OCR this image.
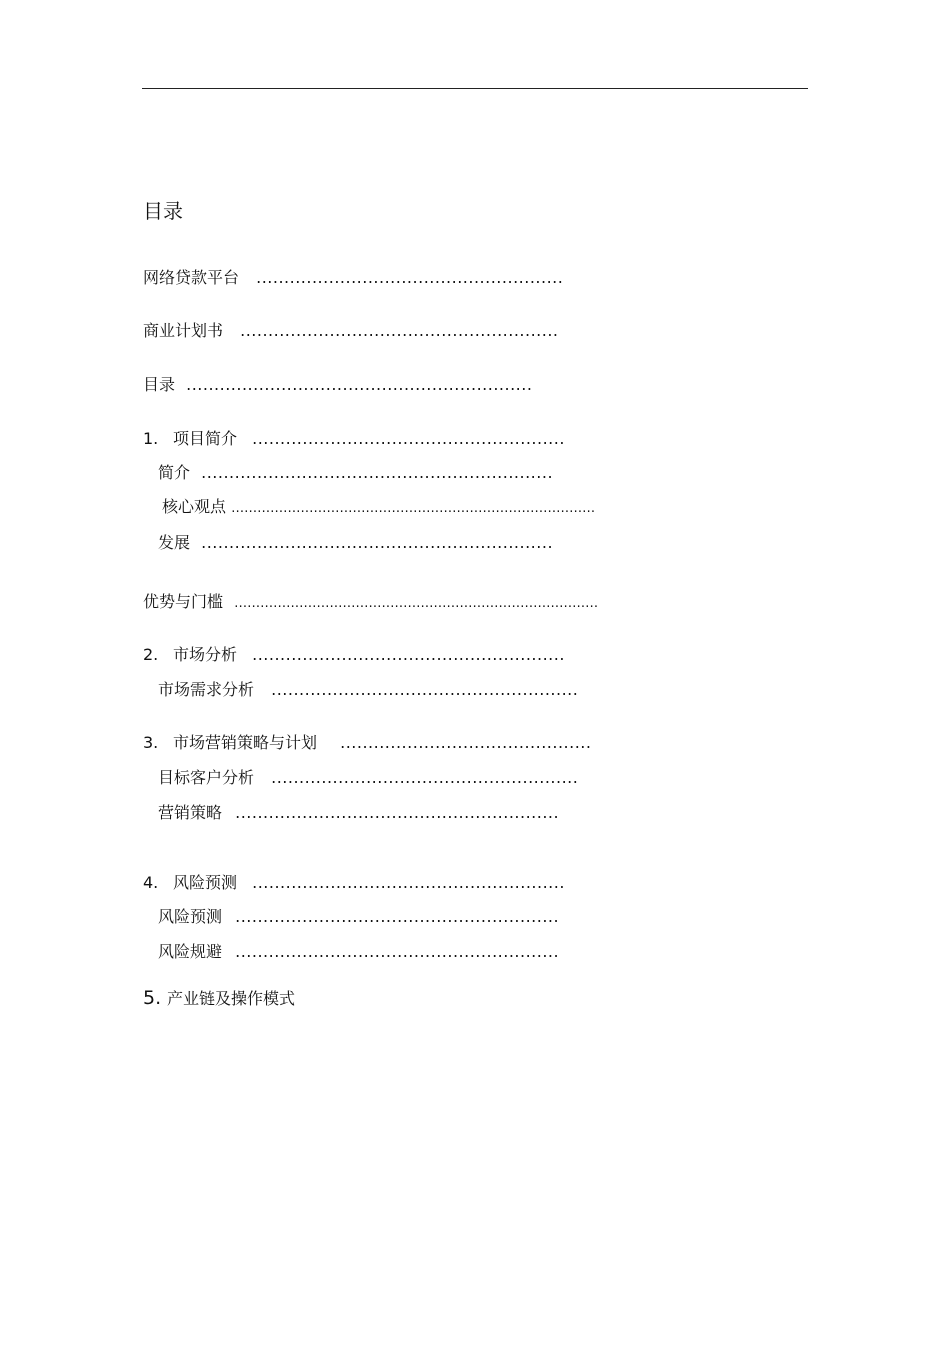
目录
网络贷款平台 .......................................................
商业计划书 .........................................................
目录 ..............................................................
1. 项目简介 ........................................................
简介 ...............................................................
核心观点 …………………………………………………………………………
发展 ...............................................................
优势与门槛 …………………………………………………………………………
2. 市场分析 ........................................................
市场需求分析 .......................................................
3. 市场营销策略与计划 .............................................
目标客户分析 .......................................................
营销策略 ..........................................................
4. 风险预测 ........................................................
风险预测 ..........................................................
风险规避 ..........................................................
5. 产业链及操作模式
